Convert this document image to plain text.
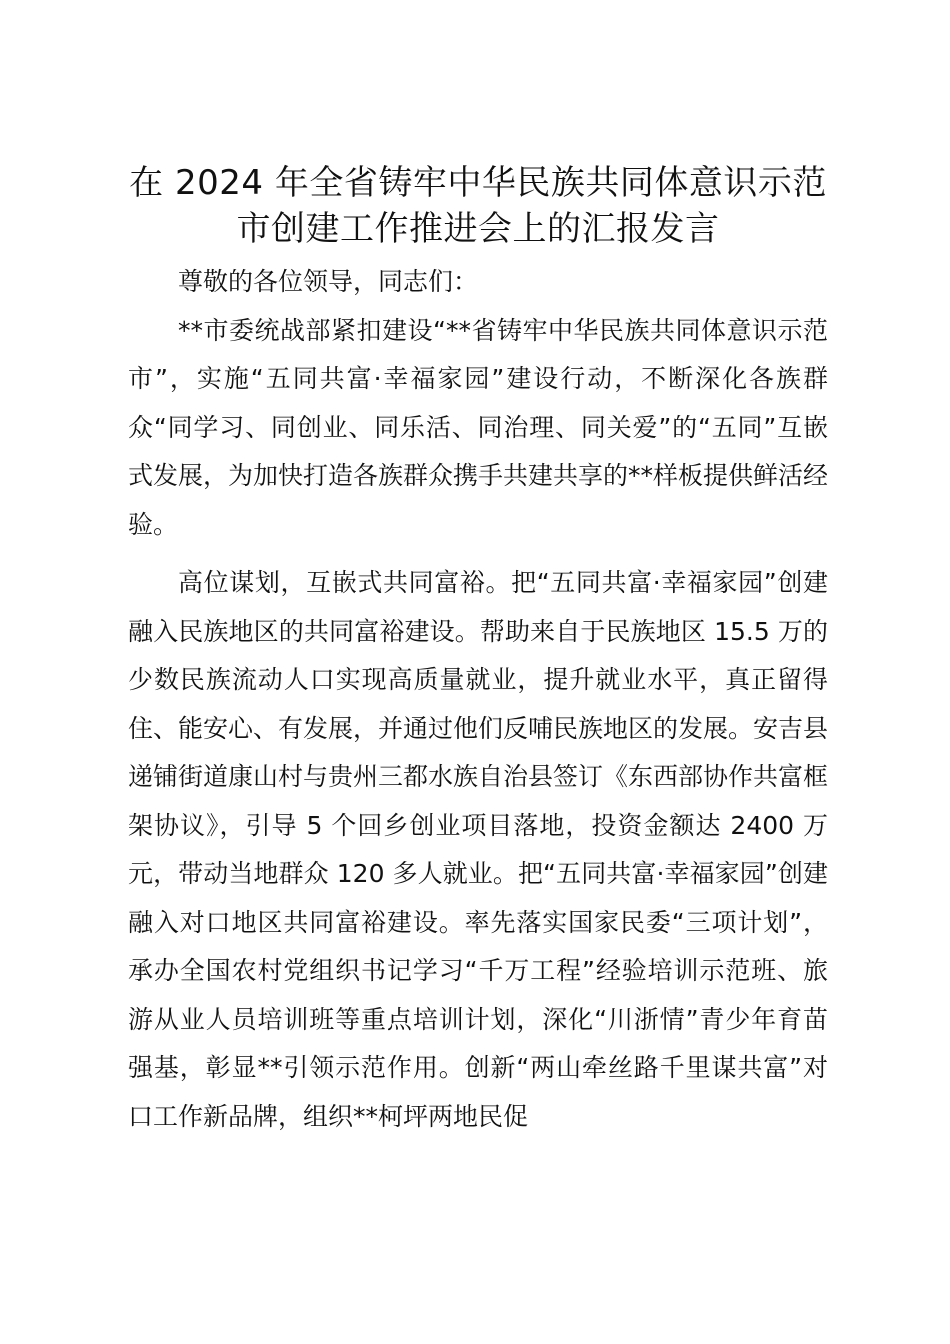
在 2024 年全省铸牢中华民族共同体意识示范
市创建工作推进会上的汇报发言

尊敬的各位领导，同志们：

**市委统战部紧扣建设“**省铸牢中华民族共同体意识示范市”，实施“五同共富·幸福家园”建设行动，不断深化各族群众“同学习、同创业、同乐活、同治理、同关爱”的“五同”互嵌式发展，为加快打造各族群众携手共建共享的**样板提供鲜活经验。

高位谋划，互嵌式共同富裕。把“五同共富·幸福家园”创建融入民族地区的共同富裕建设。帮助来自于民族地区 15.5 万的少数民族流动人口实现高质量就业，提升就业水平，真正留得住、能安心、有发展，并通过他们反哺民族地区的发展。安吉县递铺街道康山村与贵州三都水族自治县签订《东西部协作共富框架协议》，引导 5 个回乡创业项目落地，投资金额达 2400 万元，带动当地群众 120 多人就业。把“五同共富·幸福家园”创建融入对口地区共同富裕建设。率先落实国家民委“三项计划”，承办全国农村党组织书记学习“千万工程”经验培训示范班、旅游从业人员培训班等重点培训计划，深化“川浙情”青少年育苗强基，彰显**引领示范作用。创新“两山牵丝路千里谋共富”对口工作新品牌，组织**柯坪两地民促
